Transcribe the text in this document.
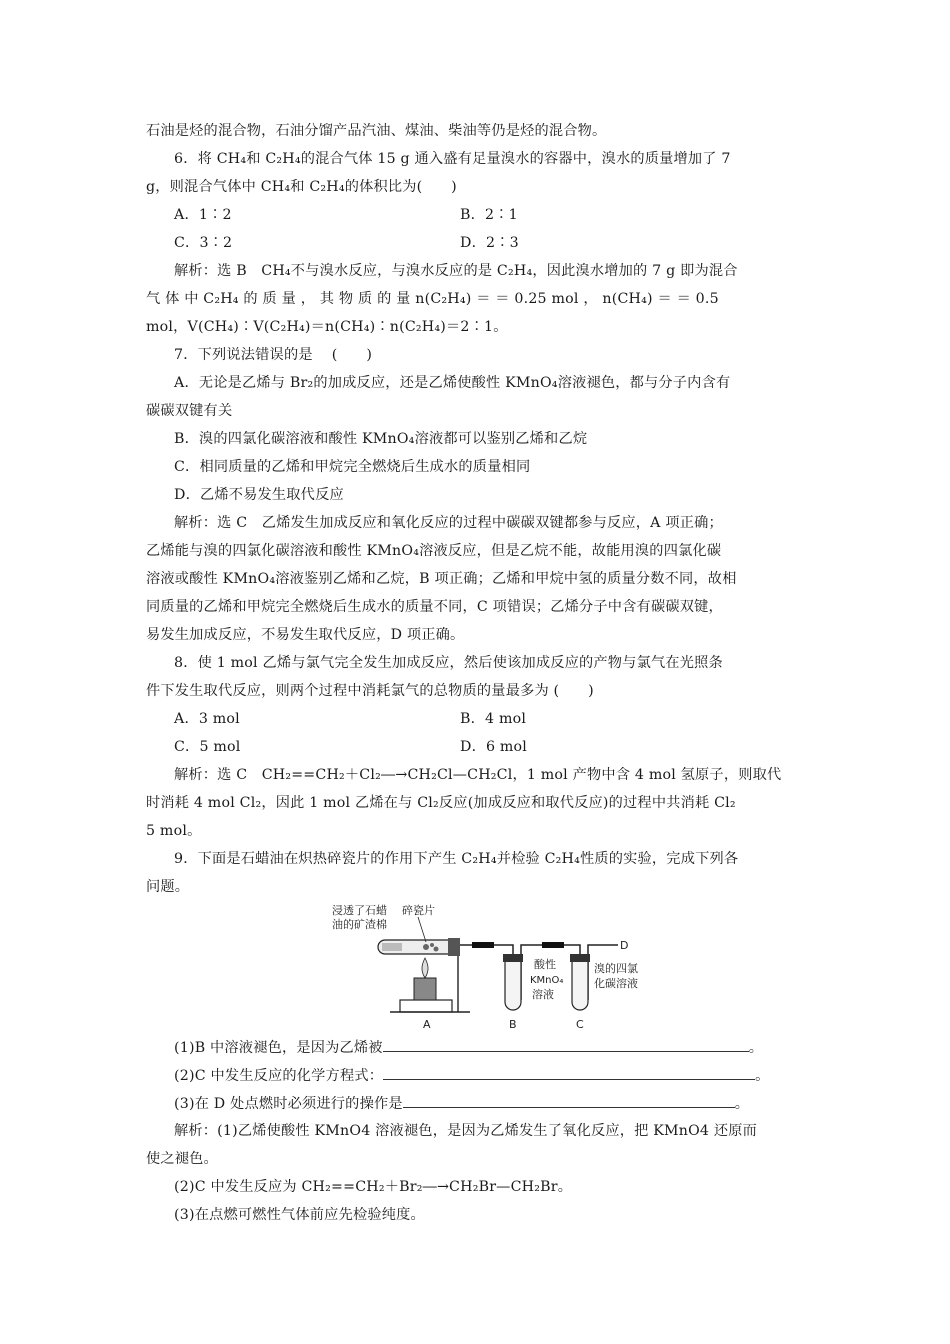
石油是烃的混合物，石油分馏产品汽油、煤油、柴油等仍是烃的混合物。
6．将 CH₄和 C₂H₄的混合气体 15 g 通入盛有足量溴水的容器中，溴水的质量增加了 7
g，则混合气体中 CH₄和 C₂H₄的体积比为(　　)
A．1∶2	B．2∶1
C．3∶2	D．2∶3
解析：选 B　CH₄不与溴水反应，与溴水反应的是 C₂H₄，因此溴水增加的 7 g 即为混合
气 体 中 C₂H₄ 的 质 量 ， 其 物 质 的 量 n(C₂H₄) ＝ ＝ 0.25 mol ， n(CH₄) ＝ ＝ 0.5
mol，V(CH₄)∶V(C₂H₄)＝n(CH₄)∶n(C₂H₄)＝2∶1。
7．下列说法错误的是　 (　　)
A．无论是乙烯与 Br₂的加成反应，还是乙烯使酸性 KMnO₄溶液褪色，都与分子内含有
碳碳双键有关
B．溴的四氯化碳溶液和酸性 KMnO₄溶液都可以鉴别乙烯和乙烷
C．相同质量的乙烯和甲烷完全燃烧后生成水的质量相同
D．乙烯不易发生取代反应
解析：选 C　乙烯发生加成反应和氧化反应的过程中碳碳双键都参与反应，A 项正确；
乙烯能与溴的四氯化碳溶液和酸性 KMnO₄溶液反应，但是乙烷不能，故能用溴的四氯化碳
溶液或酸性 KMnO₄溶液鉴别乙烯和乙烷，B 项正确；乙烯和甲烷中氢的质量分数不同，故相
同质量的乙烯和甲烷完全燃烧后生成水的质量不同，C 项错误；乙烯分子中含有碳碳双键，
易发生加成反应，不易发生取代反应，D 项正确。
8．使 1 mol 乙烯与氯气完全发生加成反应，然后使该加成反应的产物与氯气在光照条
件下发生取代反应，则两个过程中消耗氯气的总物质的量最多为 (　　)
A．3 mol	B．4 mol
C．5 mol	D．6 mol
解析：选 C　CH₂==CH₂＋Cl₂―→CH₂Cl—CH₂Cl，1 mol 产物中含 4 mol 氢原子，则取代
时消耗 4 mol Cl₂，因此 1 mol 乙烯在与 Cl₂反应(加成反应和取代反应)的过程中共消耗 Cl₂
5 mol。
9．下面是石蜡油在炽热碎瓷片的作用下产生 C₂H₄并检验 C₂H₄性质的实验，完成下列各
问题。
浸透了石蜡
油的矿渣棉
碎瓷片
酸性
KMnO₄
溶液
溴的四氯
化碳溶液
D
A	B	C
(1)B 中溶液褪色，是因为乙烯被	。
(2)C 中发生反应的化学方程式：	。
(3)在 D 处点燃时必须进行的操作是	。
解析：(1)乙烯使酸性 KMnO4 溶液褪色，是因为乙烯发生了氧化反应，把 KMnO4 还原而
使之褪色。
(2)C 中发生反应为 CH₂==CH₂＋Br₂―→CH₂Br—CH₂Br。
(3)在点燃可燃性气体前应先检验纯度。
